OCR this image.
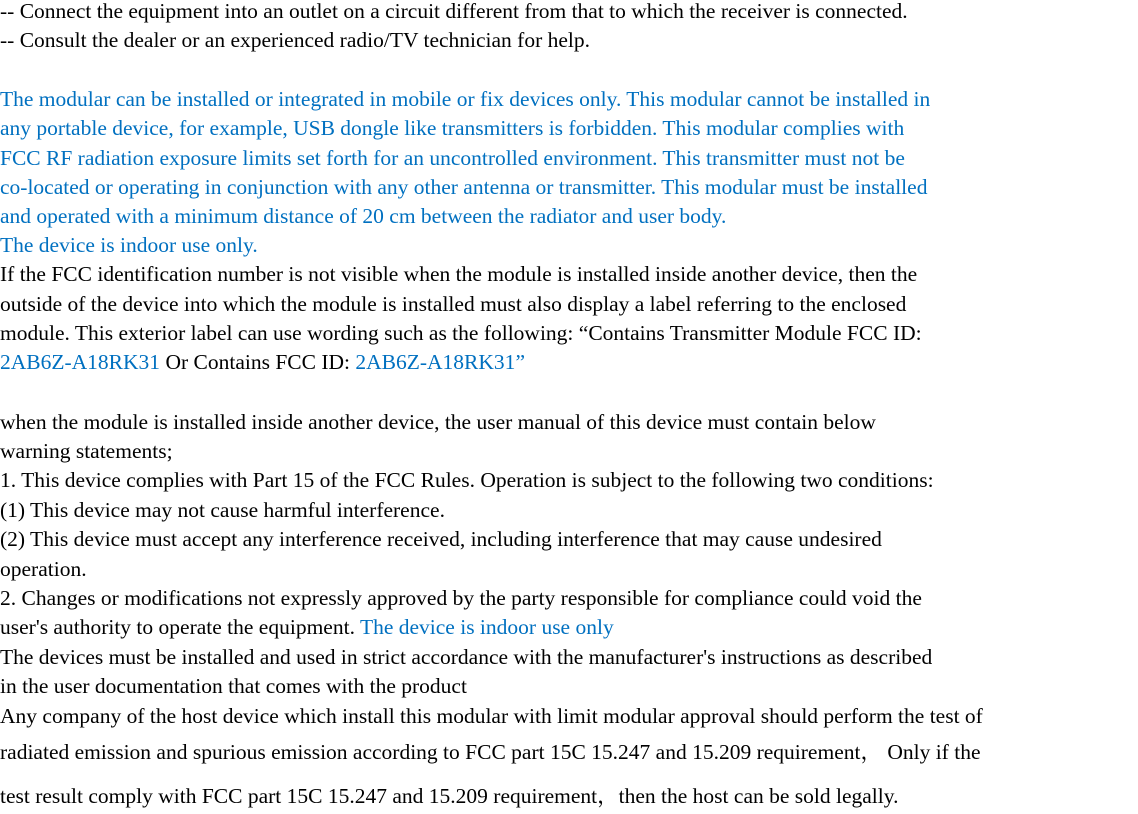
-- Connect the equipment into an outlet on a circuit different from that to which the receiver is connected.
-- Consult the dealer or an experienced radio/TV technician for help.
The modular can be installed or integrated in mobile or fix devices only. This modular cannot be installed in
any portable device, for example, USB dongle like transmitters is forbidden. This modular complies with
FCC RF radiation exposure limits set forth for an uncontrolled environment. This transmitter must not be
co-located or operating in conjunction with any other antenna or transmitter. This modular must be installed
and operated with a minimum distance of 20 cm between the radiator and user body.
The device is indoor use only.
If the FCC identification number is not visible when the module is installed inside another device, then the
outside of the device into which the module is installed must also display a label referring to the enclosed
module. This exterior label can use wording such as the following: “Contains Transmitter Module FCC ID:
2AB6Z-A18RK31 Or Contains FCC ID: 2AB6Z-A18RK31”
when the module is installed inside another device, the user manual of this device must contain below
warning statements;
1. This device complies with Part 15 of the FCC Rules. Operation is subject to the following two conditions:
(1) This device may not cause harmful interference.
(2) This device must accept any interference received, including interference that may cause undesired
operation.
2. Changes or modifications not expressly approved by the party responsible for compliance could void the
user's authority to operate the equipment. The device is indoor use only
The devices must be installed and used in strict accordance with the manufacturer's instructions as described
in the user documentation that comes with the product
Any company of the host device which install this modular with limit modular approval should perform the test of
radiated emission and spurious emission according to FCC part 15C 15.247 and 15.209 requirement， Only if the
test result comply with FCC part 15C 15.247 and 15.209 requirement，then the host can be sold legally.
